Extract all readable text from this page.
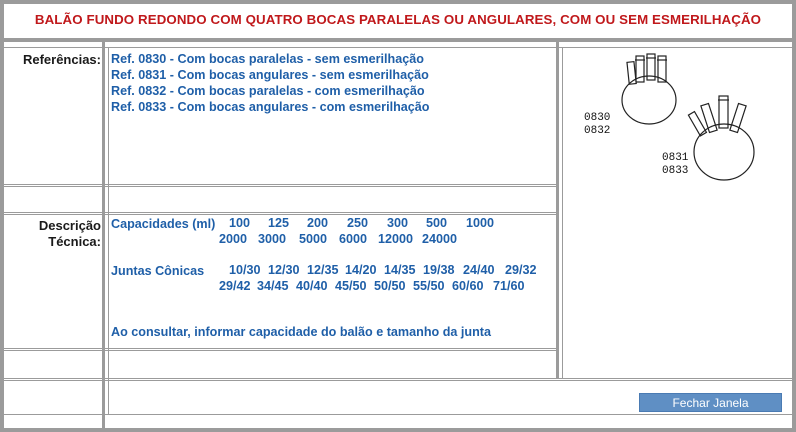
BALÃO FUNDO REDONDO COM QUATRO BOCAS PARALELAS OU ANGULARES, COM OU SEM ESMERILHAÇÃO
Referências:
Descrição
Técnica:
Ref. 0830 - Com bocas paralelas - sem esmerilhação
Ref. 0831 - Com bocas angulares - sem esmerilhação
Ref. 0832 - Com bocas paralelas - com esmerilhação
Ref. 0833 - Com bocas angulares - com esmerilhação
Capacidades (ml) 100 125 200 250 300 500 1000
2000 3000 5000 6000 12000 24000
Juntas Cônicas 10/30 12/30 12/35 14/20 14/35 19/38 24/40 29/32
29/42 34/45 40/40 45/50 50/50 55/50 60/60 71/60
Ao consultar, informar capacidade do balão e tamanho da junta
0830
0832
0831
0833
Fechar Janela
